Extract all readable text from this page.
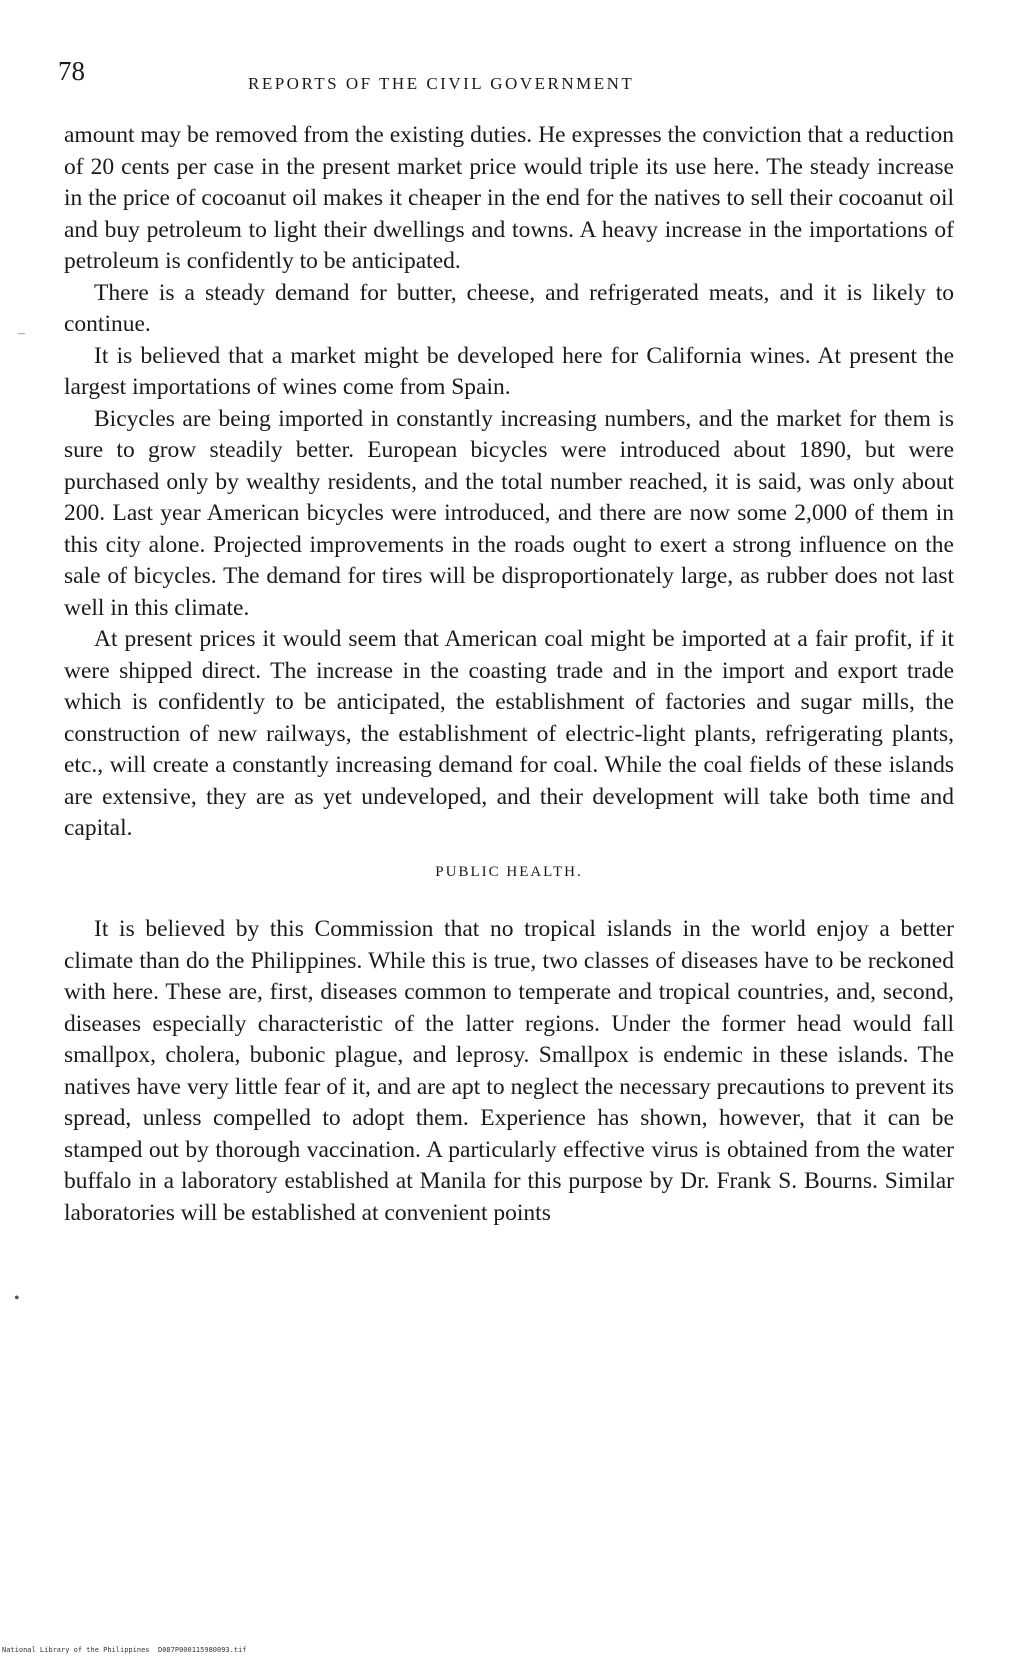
78	REPORTS OF THE CIVIL GOVERNMENT
–
•

amount may be removed from the existing duties. He expresses the conviction that a reduction of 20 cents per case in the present market price would triple its use here. The steady increase in the price of cocoanut oil makes it cheaper in the end for the natives to sell their cocoanut oil and buy petroleum to light their dwellings and towns. A heavy increase in the importations of petroleum is confidently to be anticipated.

There is a steady demand for butter, cheese, and refrigerated meats, and it is likely to continue.

It is believed that a market might be developed here for California wines. At present the largest importations of wines come from Spain.

Bicycles are being imported in constantly increasing numbers, and the market for them is sure to grow steadily better. European bicycles were introduced about 1890, but were purchased only by wealthy residents, and the total number reached, it is said, was only about 200. Last year American bicycles were introduced, and there are now some 2,000 of them in this city alone. Projected improvements in the roads ought to exert a strong influence on the sale of bicycles. The demand for tires will be disproportionately large, as rubber does not last well in this climate.

At present prices it would seem that American coal might be imported at a fair profit, if it were shipped direct. The increase in the coasting trade and in the import and export trade which is confidently to be anticipated, the establishment of factories and sugar mills, the construction of new railways, the establishment of electric-light plants, refrigerating plants, etc., will create a constantly increasing demand for coal. While the coal fields of these islands are extensive, they are as yet undeveloped, and their development will take both time and capital.

PUBLIC HEALTH.

It is believed by this Commission that no tropical islands in the world enjoy a better climate than do the Philippines. While this is true, two classes of diseases have to be reckoned with here. These are, first, diseases common to temperate and tropical countries, and, second, diseases especially characteristic of the latter regions. Under the former head would fall smallpox, cholera, bubonic plague, and leprosy. Smallpox is endemic in these islands. The natives have very little fear of it, and are apt to neglect the necessary precautions to prevent its spread, unless compelled to adopt them. Experience has shown, however, that it can be stamped out by thorough vaccination. A particularly effective virus is obtained from the water buffalo in a laboratory established at Manila for this purpose by Dr. Frank S. Bourns. Similar laboratories will be established at convenient points

National Library of the Philippines D087P000115980093.tif
